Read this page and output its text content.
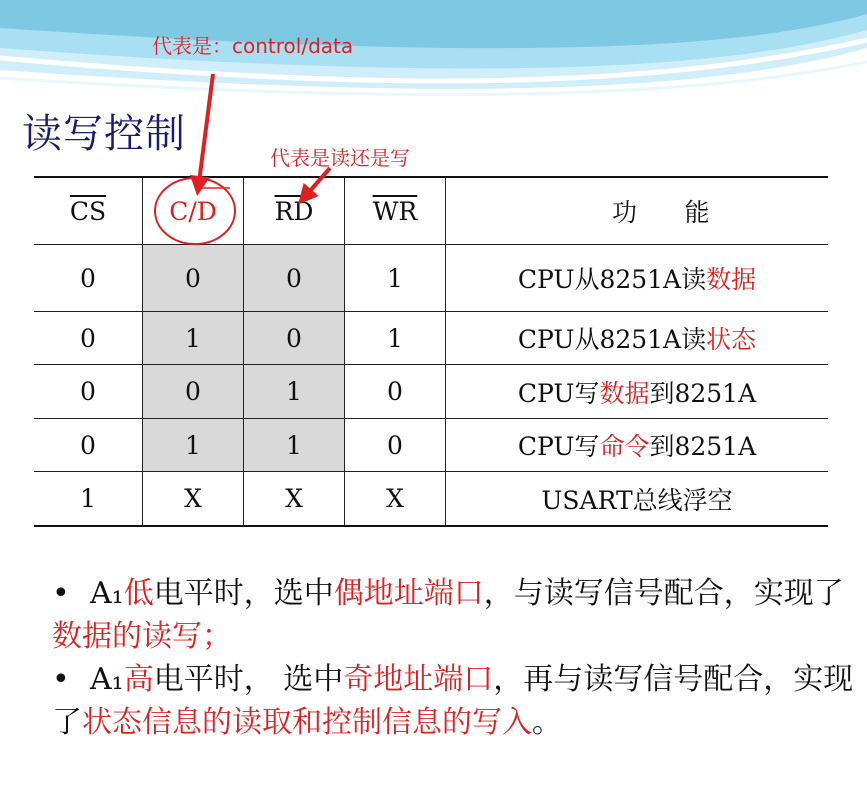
读写控制
代表是：control/data
代表是读还是写
$\overline{CS}$	C/D	$\overline{RD}$	$\overline{WR}$	功 能
0	0	0	1	CPU从8251A读数据
0	1	0	1	CPU从8251A读状态
0	0	1	0	CPU写数据到8251A
0	1	1	0	CPU写命令到8251A
1	X	X	X	USART总线浮空

• A₁低电平时，选中偶地址端口，与读写信号配合，实现了数据的读写；

• A₁高电平时， 选中奇地址端口，再与读写信号配合，实现了状态信息的读取和控制信息的写入。
